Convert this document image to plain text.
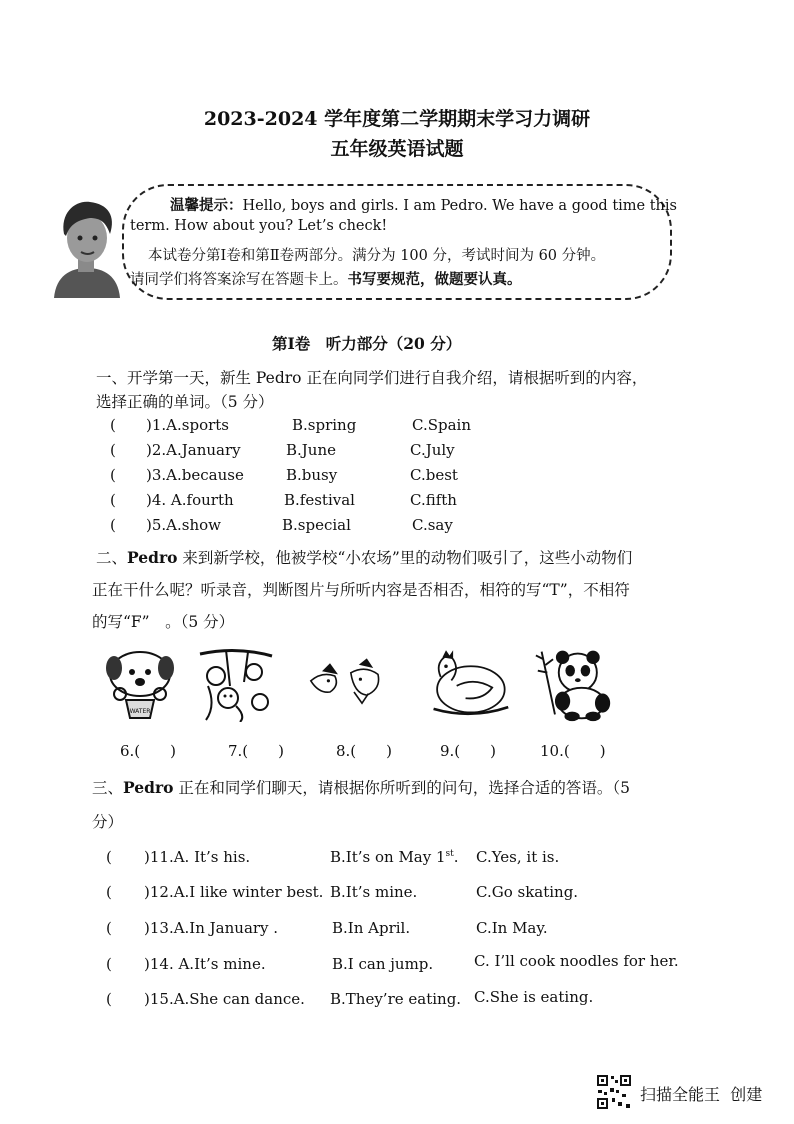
2023-2024 学年度第二学期期末学习力调研
五年级英语试题
温馨提示：Hello, boys and girls. I am Pedro. We have a good time this
term. How about you? Let’s check!
本试卷分第Ⅰ卷和第Ⅱ卷两部分。满分为 100 分，考试时间为 60 分钟。
请同学们将答案涂写在答题卡上。书写要规范，做题要认真。
第Ⅰ卷　听力部分（20 分）
一、开学第一天，新生 Pedro 正在向同学们进行自我介绍，请根据听到的内容，
选择正确的单词。（5 分）
( )1.A.sports	B.spring	C.Spain
( )2.A.January	B.June	C.July
( )3.A.because	B.busy	C.best
( )4. A.fourth	B.festival	C.fifth
( )5.A.show	B.special	C.say
二、Pedro 来到新学校，他被学校“小农场”里的动物们吸引了，这些小动物们
正在干什么呢？听录音，判断图片与所听内容是否相否，相符的写“T”，不相符
的写“F”　。（5 分）
WATER
6.(　　)	7.(　　)	8.(　　)	9.(　　)	10.(　　)
三、Pedro 正在和同学们聊天，请根据你所听到的问句，选择合适的答语。（5
分）
( )11.A. It’s his.	B.It’s on May 1st. C.Yes, it is.
( )12.A.I like winter best. B.It’s mine.	C.Go skating.
( )13.A.In January .	B.In April.	C.In May.
( )14. A.It’s mine.	B.I can jump.	C. I’ll cook noodles for her.
( )15.A.She can dance. B.They’re eating. C.She is eating.
扫描全能王 创建
